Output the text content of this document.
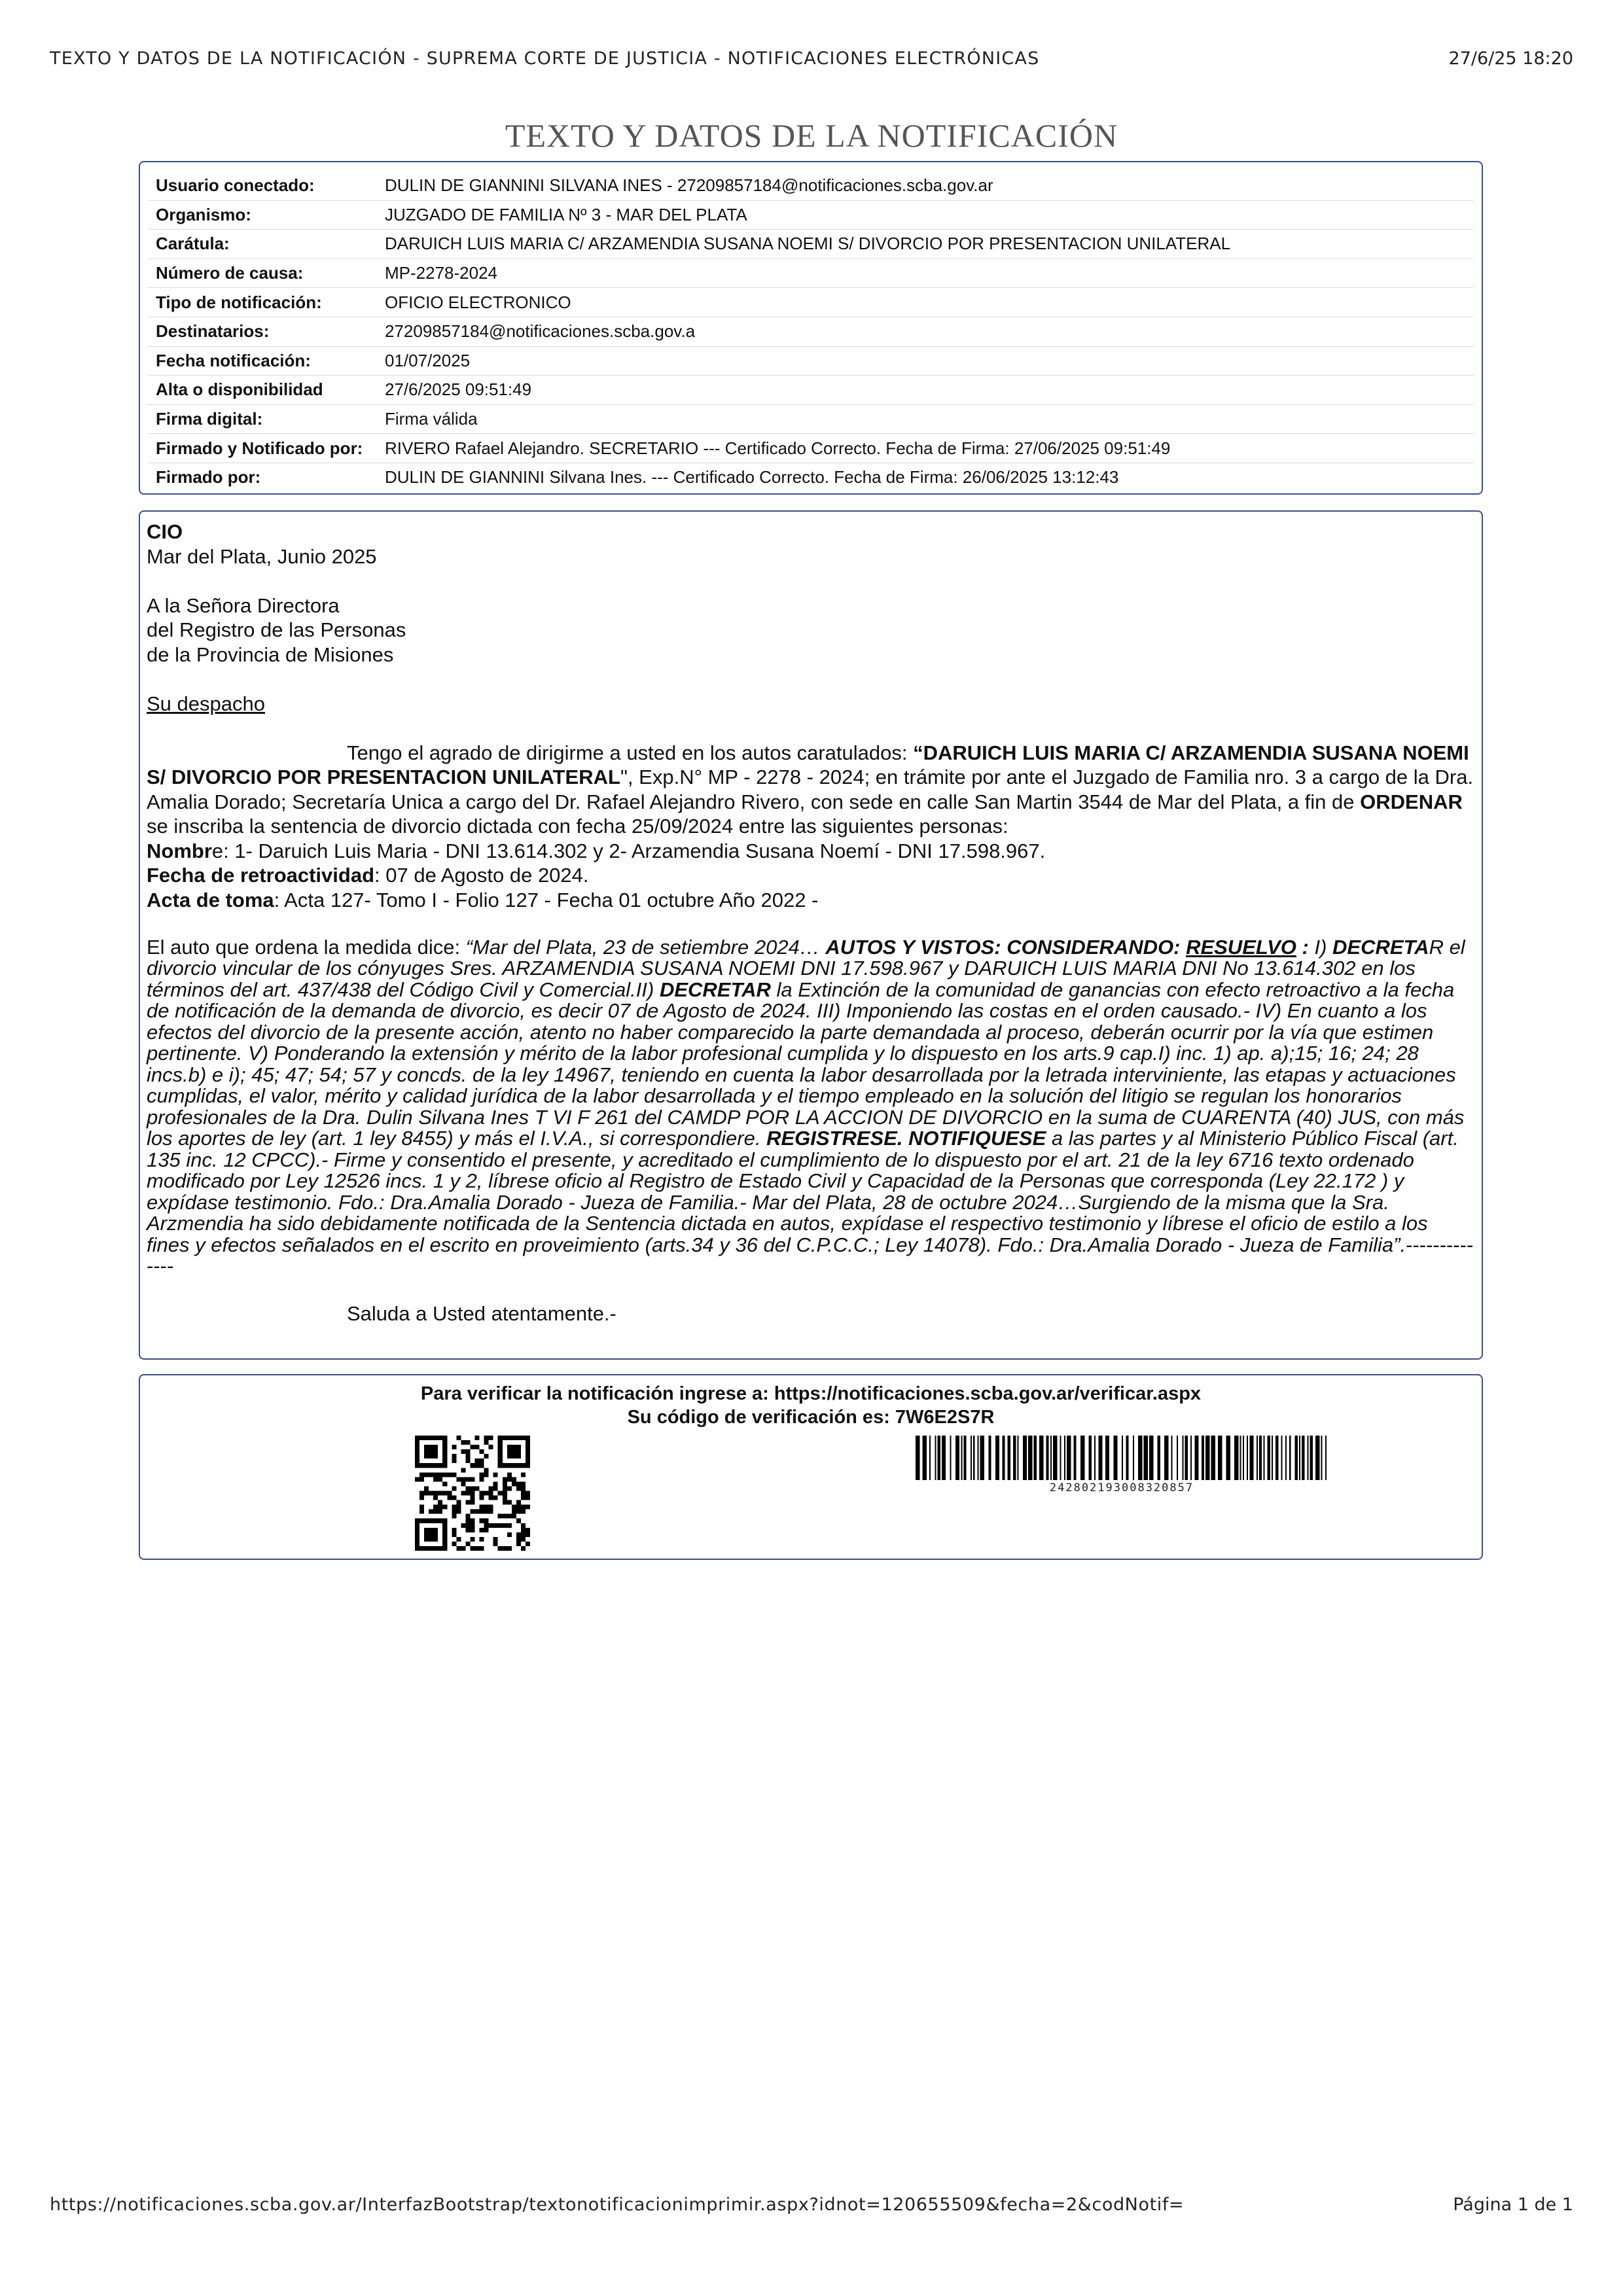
TEXTO Y DATOS DE LA NOTIFICACIÓN - SUPREMA CORTE DE JUSTICIA - NOTIFICACIONES ELECTRÓNICAS	27/6/25 18:20
TEXTO Y DATOS DE LA NOTIFICACIÓN
Usuario conectado:	DULIN DE GIANNINI SILVANA INES - 27209857184@notificaciones.scba.gov.ar
Organismo:	JUZGADO DE FAMILIA Nº 3 - MAR DEL PLATA
Carátula:	DARUICH LUIS MARIA C/ ARZAMENDIA SUSANA NOEMI S/ DIVORCIO POR PRESENTACION UNILATERAL
Número de causa:	MP-2278-2024
Tipo de notificación:	OFICIO ELECTRONICO
Destinatarios:	27209857184@notificaciones.scba.gov.a
Fecha notificación:	01/07/2025
Alta o disponibilidad	27/6/2025 09:51:49
Firma digital:	Firma válida
Firmado y Notificado por:	RIVERO Rafael Alejandro. SECRETARIO --- Certificado Correcto. Fecha de Firma: 27/06/2025 09:51:49
Firmado por:	DULIN DE GIANNINI Silvana Ines. --- Certificado Correcto. Fecha de Firma: 26/06/2025 13:12:43

CIO

Mar del Plata, Junio 2025

A la Señora Directora

del Registro de las Personas

de la Provincia de Misiones

Su despacho

Tengo el agrado de dirigirme a usted en los autos caratulados: “DARUICH LUIS MARIA C/ ARZAMENDIA SUSANA NOEMI S/ DIVORCIO POR PRESENTACION UNILATERAL", Exp.N° MP - 2278 - 2024; en trámite por ante el Juzgado de Familia nro. 3 a cargo de la Dra. Amalia Dorado; Secretaría Unica a cargo del Dr. Rafael Alejandro Rivero, con sede en calle San Martin 3544 de Mar del Plata, a fin de ORDENAR se inscriba la sentencia de divorcio dictada con fecha 25/09/2024 entre las siguientes personas:

Nombre: 1- Daruich Luis Maria - DNI 13.614.302 y 2- Arzamendia Susana Noemí - DNI 17.598.967.

Fecha de retroactividad: 07 de Agosto de 2024.

Acta de toma: Acta 127- Tomo I - Folio 127 - Fecha 01 octubre Año 2022 -

El auto que ordena la medida dice: “Mar del Plata, 23 de setiembre 2024… AUTOS Y VISTOS: CONSIDERANDO: RESUELVO : I) DECRETAR el divorcio vincular de los cónyuges Sres. ARZAMENDIA SUSANA NOEMI DNI 17.598.967 y DARUICH LUIS MARIA DNI No 13.614.302 en los términos del art. 437/438 del Código Civil y Comercial.II) DECRETAR la Extinción de la comunidad de ganancias con efecto retroactivo a la fecha de notificación de la demanda de divorcio, es decir 07 de Agosto de 2024. III) Imponiendo las costas en el orden causado.- IV) En cuanto a los efectos del divorcio de la presente acción, atento no haber comparecido la parte demandada al proceso, deberán ocurrir por la vía que estimen pertinente. V) Ponderando la extensión y mérito de la labor profesional cumplida y lo dispuesto en los arts.9 cap.I) inc. 1) ap. a);15; 16; 24; 28 incs.b) e i); 45; 47; 54; 57 y concds. de la ley 14967, teniendo en cuenta la labor desarrollada por la letrada interviniente, las etapas y actuaciones cumplidas, el valor, mérito y calidad jurídica de la labor desarrollada y el tiempo empleado en la solución del litigio se regulan los honorarios profesionales de la Dra. Dulin Silvana Ines T VI F 261 del CAMDP POR LA ACCION DE DIVORCIO en la suma de CUARENTA (40) JUS, con más los aportes de ley (art. 1 ley 8455) y más el I.V.A., si correspondiere. REGISTRESE. NOTIFIQUESE a las partes y al Ministerio Público Fiscal (art. 135 inc. 12 CPCC).- Firme y consentido el presente, y acreditado el cumplimiento de lo dispuesto por el art. 21 de la ley 6716 texto ordenado modificado por Ley 12526 incs. 1 y 2, líbrese oficio al Registro de Estado Civil y Capacidad de la Personas que corresponda (Ley 22.172 ) y expídase testimonio. Fdo.: Dra.Amalia Dorado - Jueza de Familia.- Mar del Plata, 28 de octubre 2024…Surgiendo de la misma que la Sra. Arzmendia ha sido debidamente notificada de la Sentencia dictada en autos, expídase el respectivo testimonio y líbrese el oficio de estilo a los fines y efectos señalados en el escrito en proveimiento (arts.34 y 36 del C.P.C.C.; Ley 14078). Fdo.: Dra.Amalia Dorado - Jueza de Familia”.--------------

Saluda a Usted atentamente.-

Para verificar la notificación ingrese a: https://notificaciones.scba.gov.ar/verificar.aspx
Su código de verificación es: 7W6E2S7R
242802193008320857
https://notificaciones.scba.gov.ar/InterfazBootstrap/textonotificacionimprimir.aspx?idnot=120655509&fecha=2&codNotif=	Página 1 de 1
